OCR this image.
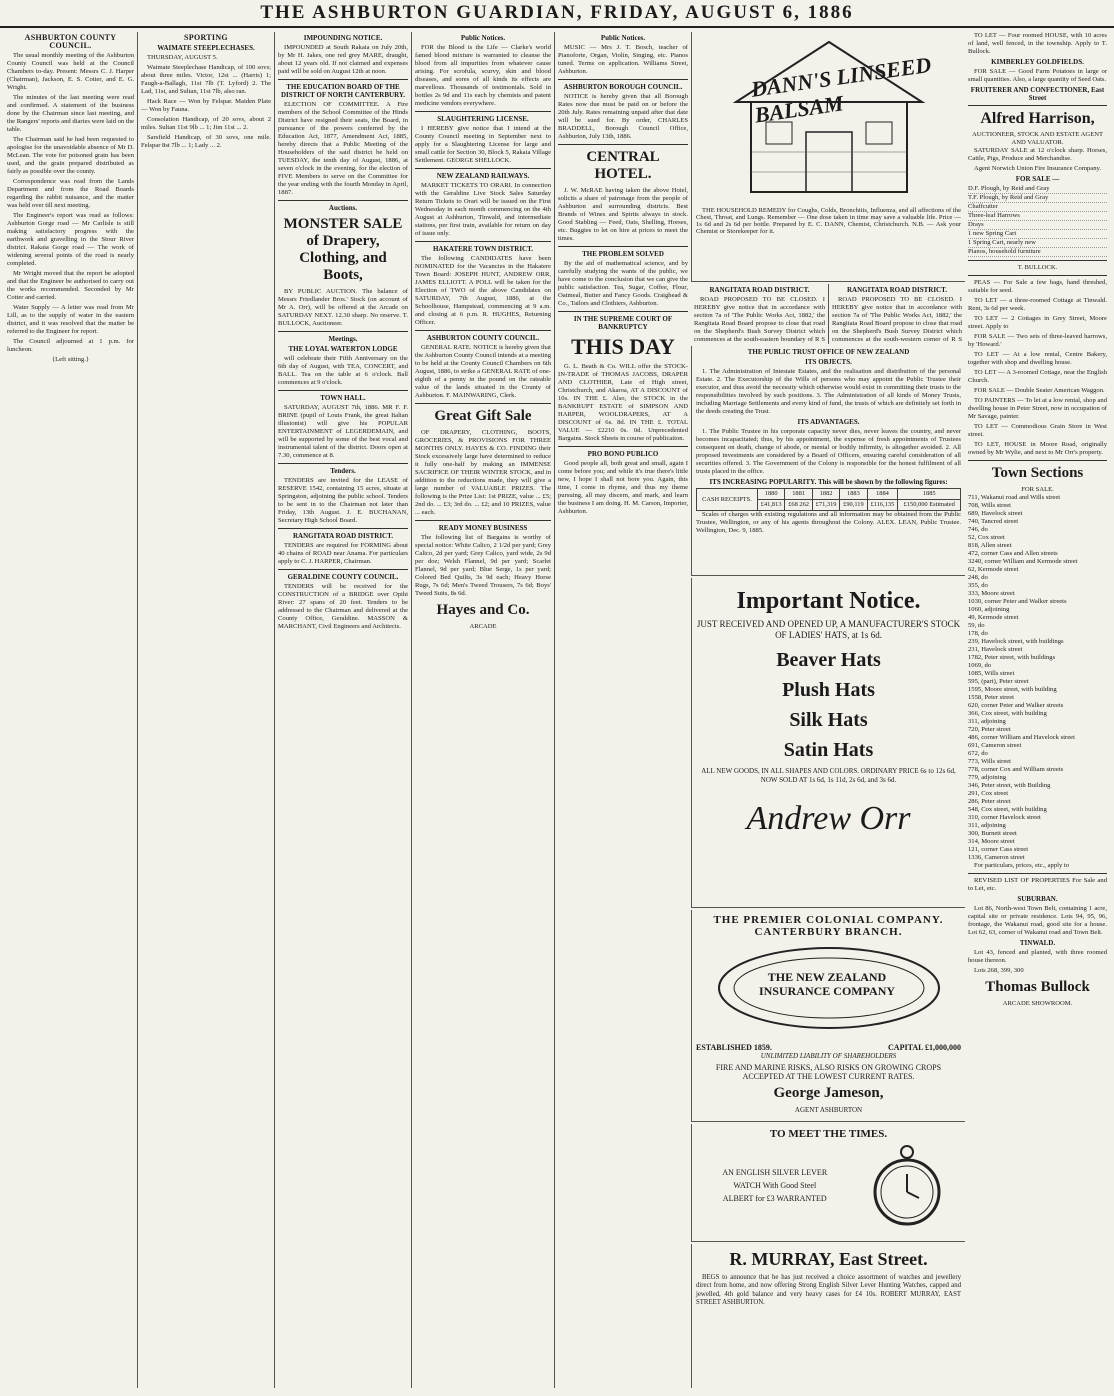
THE ASHBURTON GUARDIAN, FRIDAY, AUGUST 6, 1886
ASHBURTON COUNTY COUNCIL.

The usual monthly meeting of the Ashburton County Council was held at the Council Chambers to-day. Present: Messrs C. J. Harper (Chairman), Jackson, E. S. Cotter, and E. G. Wright.

The minutes of the last meeting were read and confirmed. A statement of the business done by the Chairman since last meeting, and the Rangers' reports and diaries were laid on the table.

The Chairman said he had been requested to apologise for the unavoidable absence of Mr D. McLean. The vote for poisoned grain has been used, and the grain prepared distributed as fairly as possible over the county.

Correspondence was read from the Lands Department and from the Road Boards regarding the rabbit nuisance, and the matter was held over till next meeting.

The Engineer's report was read as follows: Ashburton Gorge road — Mr Carlisle is still making satisfactory progress with the earthwork and gravelling in the Stour River district. Rakaia Gorge road — The work of widening several points of the road is nearly completed.

Mr Wright moved that the report be adopted and that the Engineer be authorised to carry out the works recommended. Seconded by Mr Cotter and carried.

Water Supply — A letter was read from Mr Lill, as to the supply of water in the eastern district, and it was resolved that the matter be referred to the Engineer for report.

The Council adjourned at 1 p.m. for luncheon.

{Left sitting.}
SPORTING
WAIMATE STEEPLECHASES.

THURSDAY, AUGUST 5.

Waimate Steeplechase Handicap, of 100 sovs; about three miles. Victor, 12st ... (Harris) 1; Faugh-a-Ballagh, 11st 7lb (T. Lyford) 2. The Lad, 11st, and Sultan, 11st 7lb, also ran.

Hack Race — Won by Felspar. Maiden Plate — Won by Fauna.

Consolation Handicap, of 20 sovs, about 2 miles. Sultan 11st 9lb ... 1; Jim 11st ... 2.

Sarsfield Handicap, of 30 sovs, one mile. Felspar 8st 7lb ... 1; Lady ... 2.

IMPOUNDING NOTICE.

IMPOUNDED at South Rakaia on July 20th, by Mr H. Jakes, one red grey MARE, draught, about 12 years old. If not claimed and expenses paid will be sold on August 12th at noon.

THE EDUCATION BOARD OF THE DISTRICT OF NORTH CANTERBURY.

ELECTION OF COMMITTEE. A Fire members of the School Committee of the Hinds District have resigned their seats, the Board, in pursuance of the powers conferred by the Education Act, 1877, Amendment Act, 1885, hereby directs that a Public Meeting of the Householders of the said district be held on TUESDAY, the tenth day of August, 1886, at seven o'clock in the evening, for the election of FIVE Members to serve on the Committee for the year ending with the fourth Monday in April, 1887.

Auctions.
MONSTER SALE of Drapery, Clothing, and Boots,

BY PUBLIC AUCTION. The balance of Messrs Friedlander Bros.' Stock (on account of Mr A. Orr), will be offered at the Arcade on SATURDAY NEXT. 12.30 sharp. No reserve. T. BULLOCK, Auctioneer.

Meetings.
THE LOYAL WATERTON LODGE

will celebrate their Fifth Anniversary on the 6th day of August, with TEA, CONCERT, and BALL. Tea on the table at 6 o'clock. Ball commences at 9 o'clock.

TOWN HALL.

SATURDAY, AUGUST 7th, 1886. MR F. F. BRINE (pupil of Louis Frank, the great Italian illusionist) will give his POPULAR ENTERTAINMENT of LEGERDEMAIN, and will be supported by some of the best vocal and instrumental talent of the district. Doors open at 7.30, commence at 8.

Tenders.

TENDERS are invited for the LEASE of RESERVE 1542, containing 15 acres, situate at Springston, adjoining the public school. Tenders to be sent in to the Chairman not later than Friday, 13th August. J. E. BUCHANAN, Secretary High School Board.

RANGITATA ROAD DISTRICT.

TENDERS are required for FORMING about 40 chains of ROAD near Anama. For particulars apply to C. J. HARPER, Chairman.

GERALDINE COUNTY COUNCIL.

TENDERS will be received for the CONSTRUCTION of a BRIDGE over Opihi River: 27 spans of 20 feet. Tenders to be addressed to the Chairman and delivered at the County Office, Geraldine. MASSON & MARCHANT, Civil Engineers and Architects.

Public Notices.

FOR the Blood is the Life — Clarke's world famed blood mixture is warranted to cleanse the blood from all impurities from whatever cause arising. For scrofula, scurvy, skin and blood diseases, and sores of all kinds its effects are marvellous. Thousands of testimonials. Sold in bottles 2s 9d and 11s each by chemists and patent medicine vendors everywhere.

SLAUGHTERING LICENSE.

I HEREBY give notice that I intend at the County Council meeting in September next to apply for a Slaughtering License for large and small cattle for Section 30, Block 5, Rakaia Village Settlement. GEORGE SHELLOCK.

NEW ZEALAND RAILWAYS.

MARKET TICKETS TO ORARI. In connection with the Geraldine Live Stock Sales Saturday Return Tickets to Orari will be issued on the First Wednesday in each month commencing on the 4th August at Ashburton, Tinwald, and intermediate stations, per first train, available for return on day of issue only.

HAKATERE TOWN DISTRICT.

The following CANDIDATES have been NOMINATED for the Vacancies in the Hakatere Town Board: JOSEPH HUNT, ANDREW ORR, JAMES ELLIOTT. A POLL will be taken for the Election of TWO of the above Candidates on SATURDAY, 7th August, 1886, at the Schoolhouse, Hampstead, commencing at 9 a.m. and closing at 6 p.m. R. HUGHES, Returning Officer.

ASHBURTON COUNTY COUNCIL.

GENERAL RATE. NOTICE is hereby given that the Ashburton County Council intends at a meeting to be held at the County Council Chambers on 6th August, 1886, to strike a GENERAL RATE of one-eighth of a penny in the pound on the rateable value of the lands situated in the County of Ashburton. F. MAINWARING, Clerk.

Great Gift Sale

OF DRAPERY, CLOTHING, BOOTS, GROCERIES, & PROVISIONS FOR THREE MONTHS ONLY. HAYES & CO. FINDING their Stock excessively large have determined to reduce it fully one-half by making an IMMENSE SACRIFICE OF THEIR WINTER STOCK, and in addition to the reductions made, they will give a large number of VALUABLE PRIZES. The following is the Prize List: 1st PRIZE, value ... £5; 2nd do. ... £3; 3rd do. ... £2; and 10 PRIZES, value ... each.

READY MONEY BUSINESS

The following list of Bargains is worthy of special notice: White Calico, 2 1/2d per yard; Grey Calico, 2d per yard; Grey Calico, yard wide, 2s 9d per doz; Welsh Flannel, 9d per yard; Scarlet Flannel, 9d per yard; Blue Serge, 1s per yard; Colored Bed Quilts, 3s 9d each; Heavy Horse Rugs, 7s 6d; Men's Tweed Trousers, 7s 6d; Boys' Tweed Suits, 8s 6d.

Hayes and Co.
ARCADE
Public Notices.

MUSIC — Mrs J. T. Bosch, teacher of Pianoforte, Organ, Violin, Singing, etc. Pianos tuned. Terms on application. Williams Street, Ashburton.

ASHBURTON BOROUGH COUNCIL.

NOTICE is hereby given that all Borough Rates now due must be paid on or before the 20th July. Rates remaining unpaid after that date will be sued for. By order, CHARLES BRADDELL, Borough Council Office, Ashburton, July 13th, 1886.

CENTRAL HOTEL.

J. W. McRAE having taken the above Hotel, solicits a share of patronage from the people of Ashburton and surrounding districts. Best Brands of Wines and Spirits always in stock. Good Stabling — Feed, Oats, Shelling, Horses, etc. Buggies to let on hire at prices to meet the times.

THE PROBLEM SOLVED

By the aid of mathematical science, and by carefully studying the wants of the public, we have come to the conclusion that we can give the public satisfaction. Tea, Sugar, Coffee, Flour, Oatmeal, Butter and Fancy Goods. Craighead & Co., Tailors and Clothiers, Ashburton.

IN THE SUPREME COURT OF BANKRUPTCY
THIS DAY

G. L. Beath & Co. WILL offer the STOCK-IN-TRADE of THOMAS JACOBS, DRAPER AND CLOTHIER, Late of High street, Christchurch, and Akaroa, AT A DISCOUNT of 10s. IN THE £. Also, the STOCK in the BANKRUPT ESTATE of SIMPSON AND HARPER, WOOLDRAPERS, AT A DISCOUNT of 6s. 8d. IN THE £. TOTAL VALUE — £2210 0s. 0d. Unprecedented Bargains. Stock Sheets in course of publication.

PRO BONO PUBLICO

Good people all, both great and small, again I come before you; and while it's true there's little new, I hope I shall not bore you. Again, this time, I come in rhyme, and thus my theme pursuing, all may discern, and mark, and learn the business I am doing. H. M. Carson, Importer, Ashburton.

DANN'S LINSEED BALSAM

THE HOUSEHOLD REMEDY for Coughs, Colds, Bronchitis, Influenza, and all affections of the Chest, Throat, and Lungs. Remember — One dose taken in time may save a valuable life. Price — 1s 6d and 2s 6d per bottle. Prepared by E. C. DANN, Chemist, Christchurch. N.B. — Ask your Chemist or Storekeeper for it.

RANGITATA ROAD DISTRICT.

ROAD PROPOSED TO BE CLOSED. I HEREBY give notice that in accordance with section 7a of 'The Public Works Act, 1882,' the Rangitata Road Board propose to close that road on the Shepherd's Bush Survey District which commences at the south-eastern boundary of R S

RANGITATA ROAD DISTRICT.

ROAD PROPOSED TO BE CLOSED. I HEREBY give notice that in accordance with section 7a of 'The Public Works Act, 1882,' the Rangitata Road Board propose to close that road on the Shepherd's Bush Survey District which commences at the south-western corner of R S

THE PUBLIC TRUST OFFICE OF NEW ZEALAND
ITS OBJECTS.

1. The Administration of Intestate Estates, and the realisation and distribution of the personal Estate. 2. The Executorship of the Wills of persons who may appoint the Public Trustee their executor, and thus avoid the necessity which otherwise would exist in committing their trusts to the responsibilities involved by such positions. 3. The Administration of all kinds of Money Trusts, including Marriage Settlements and every kind of fund, the trusts of which are definitely set forth in the deeds creating the Trust.

ITS ADVANTAGES.

1. The Public Trustee in his corporate capacity never dies, never leaves the country, and never becomes incapacitated; thus, by his appointment, the expense of fresh appointments of Trustees consequent on death, change of abode, or mental or bodily infirmity, is altogether avoided. 2. All proposed investments are considered by a Board of Officers, ensuring careful consideration of all securities offered. 3. The Government of the Colony is responsible for the honest fulfilment of all trusts placed in the office.

ITS INCREASING POPULARITY. This will be shown by the following figures:
CASH RECEIPTS.	1880	1881	1882	1883	1884	1885
	£41,813	£68 262	£71,319	£90,119	£116,135	£150,000 Estimated

Scales of charges with existing regulations and all information may be obtained from the Public Trustee, Wellington, or any of his agents throughout the Colony. ALEX. LEAN, Public Trustee. Wellington, Dec. 9, 1885.

Important Notice.
JUST RECEIVED AND OPENED UP, A MANUFACTURER'S STOCK OF LADIES' HATS, at 1s 6d.
Beaver Hats
Plush Hats
Silk Hats
Satin Hats
ALL NEW GOODS, IN ALL SHAPES AND COLORS. ORDINARY PRICE 6s to 12s 6d, NOW SOLD AT 1s 6d, 1s 11d, 2s 6d, and 3s 6d.
Andrew Orr
THE PREMIER COLONIAL COMPANY. CANTERBURY BRANCH.
THE NEW ZEALAND INSURANCE COMPANY
ESTABLISHED 1859.	CAPITAL £1,000,000
UNLIMITED LIABILITY OF SHAREHOLDERS
FIRE AND MARINE RISKS, ALSO RISKS ON GROWING CROPS ACCEPTED AT THE LOWEST CURRENT RATES.
George Jameson,
AGENT ASHBURTON
TO MEET THE TIMES.
AN ENGLISH SILVER LEVER WATCH With Good Steel
ALBERT for £3 WARRANTED
R. MURRAY, East Street.

BEGS to announce that he has just received a choice assortment of watches and jewellery direct from home, and now offering Strong English Silver Lever Hunting Watches, capped and jewelled, 4th gold balance and very heavy cases for £4 10s. ROBERT MURRAY, EAST STREET ASHBURTON.

TO LET — Four roomed HOUSE, with 10 acres of land, well fenced, in the township. Apply to T. Bullock.

KIMBERLEY GOLDFIELDS.

FOR SALE — Good Farm Potatoes in large or small quantities. Also, a large quantity of Seed Oats.

FRUITERER AND CONFECTIONER, East Street
Alfred Harrison,
AUCTIONEER, STOCK AND ESTATE AGENT AND VALUATOR.

SATURDAY SALE at 12 o'clock sharp. Horses, Cattle, Pigs, Produce and Merchandise.

Agent Norwich Union Fire Insurance Company.

FOR SALE —
D.F. Plough, by Reid and Gray
T.F. Plough, by Reid and Gray
Chaffcutter
Three-leaf Harrows
Drays
1 new Spring Cart
1 Spring Cart, nearly new
Pianos, household furniture
T. BULLOCK.

PEAS — For Sale a few bags, hand threshed, suitable for seed.

TO LET — a three-roomed Cottage at Tinwald. Rent, 3s 6d per week.

TO LET — 2 Cottages in Grey Street, Moore street. Apply to

FOR SALE — Two sets of three-leaved harrows, by 'Howard.'

TO LET — At a low rental, Centre Bakery, together with shop and dwelling house.

TO LET — A 3-roomed Cottage, near the English Church.

FOR SALE — Double Seater American Waggon.

TO PAINTERS — To let at a low rental, shop and dwelling house in Peter Street, now in occupation of Mr Savage, painter.

TO LET — Commodious Grain Store in West street.

TO LET, HOUSE in Moore Road, originally owned by Mr Wylie, and next to Mr Orr's property.

Town Sections
FOR SALE.
711, Wakanui road and Wills street
708, Wills street
689, Havelock street
740, Tancred street
746, do
52, Cox street
818, Allen street
472, corner Cass and Allen streets
3240, corner William and Kermode street
62, Kermode street
248, do
355, do
333, Moore street
1030, corner Peter and Walker streets
1060, adjoining
49, Kermode street
59, do
178, do
239, Havelock street, with buildings
231, Havelock street
1782, Peter street, with buildings
1069, do
1085, Wills street
595, (part), Peter street
1595, Moore street, with building
1558, Peter street
620, corner Peter and Walker streets
366, Cox street, with building
311, adjoining
720, Peter street
486, corner William and Havelock street
691, Cameron street
672, do
773, Wills street
778, corner Cox and William streets
779, adjoining
346, Peter street, with Building
291, Cox street
286, Peter street
548, Cox street, with building
310, corner Havelock street
311, adjoining
300, Burnett street
314, Moore street
121, corner Cass street
1336, Cameron street

For particulars, prices, etc., apply to

REVISED LIST OF PROPERTIES For Sale and to Let, etc.

SUBURBAN.

Lot 86, North-west Town Belt, containing 1 acre, capital site or private residence. Lots 94, 95, 96, frontage, the Wakanui road, good site for a house. Lot 62, 63, corner of Wakanui road and Town Belt.

TINWALD.

Lot 43, fenced and planted, with three roomed house thereon.

Lots 268, 399, 300

Thomas Bullock
ARCADE SHOWROOM.
